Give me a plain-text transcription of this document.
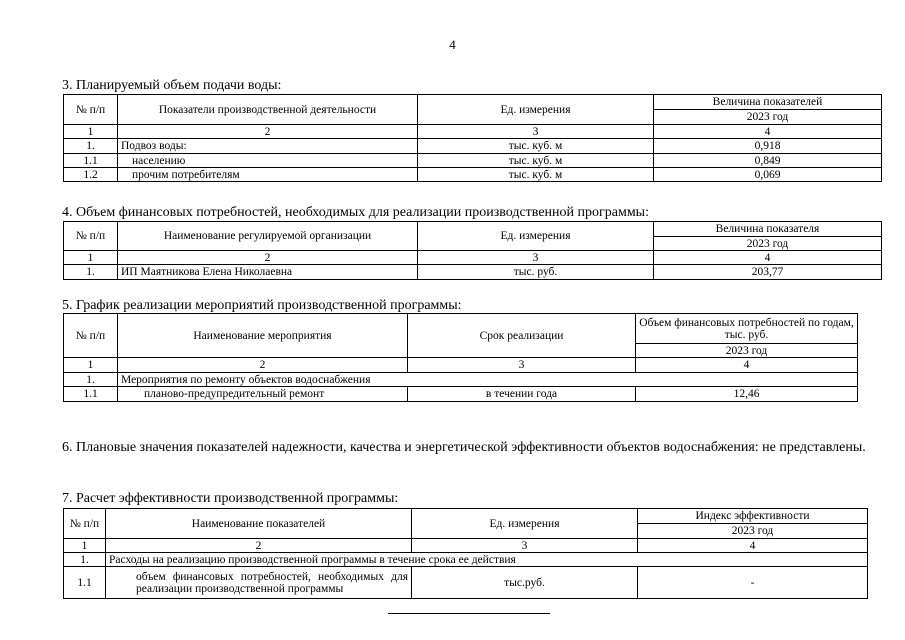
4
3. Планируемый объем подачи воды:
№ п/п	Показатели производственной деятельности	Ед. измерения	Величина показателей
			2023 год
1	2	3	4
1.	Подвоз воды:	тыс. куб. м	0,918
1.1	населению	тыс. куб. м	0,849
1.2	прочим потребителям	тыс. куб. м	0,069
4. Объем финансовых потребностей, необходимых для реализации производственной программы:
№ п/п	Наименование регулируемой организации	Ед. измерения	Величина показателя
			2023 год
1	2	3	4
1.	ИП Маятникова Елена Николаевна	тыс. руб.	203,77
5. График реализации мероприятий производственной программы:
№ п/п	Наименование мероприятия	Срок реализации	Объем финансовых потребностей по годам, тыс. руб.
			2023 год
1	2	3	4
1.	Мероприятия по ремонту объектов водоснабжения		
1.1	планово-предупредительный ремонт	в течении года	12,46
6. Плановые значения показателей надежности, качества и энергетической эффективности объектов водоснабжения: не представлены.
7. Расчет эффективности производственной программы:
№ п/п	Наименование показателей	Ед. измерения	Индекс эффективности
			2023 год
1	2	3	4
1.	Расходы на реализацию производственной программы в течение срока ее действия		
1.1	объем финансовых потребностей, необходимых для реализации производственной программы	тыс.руб.	-
